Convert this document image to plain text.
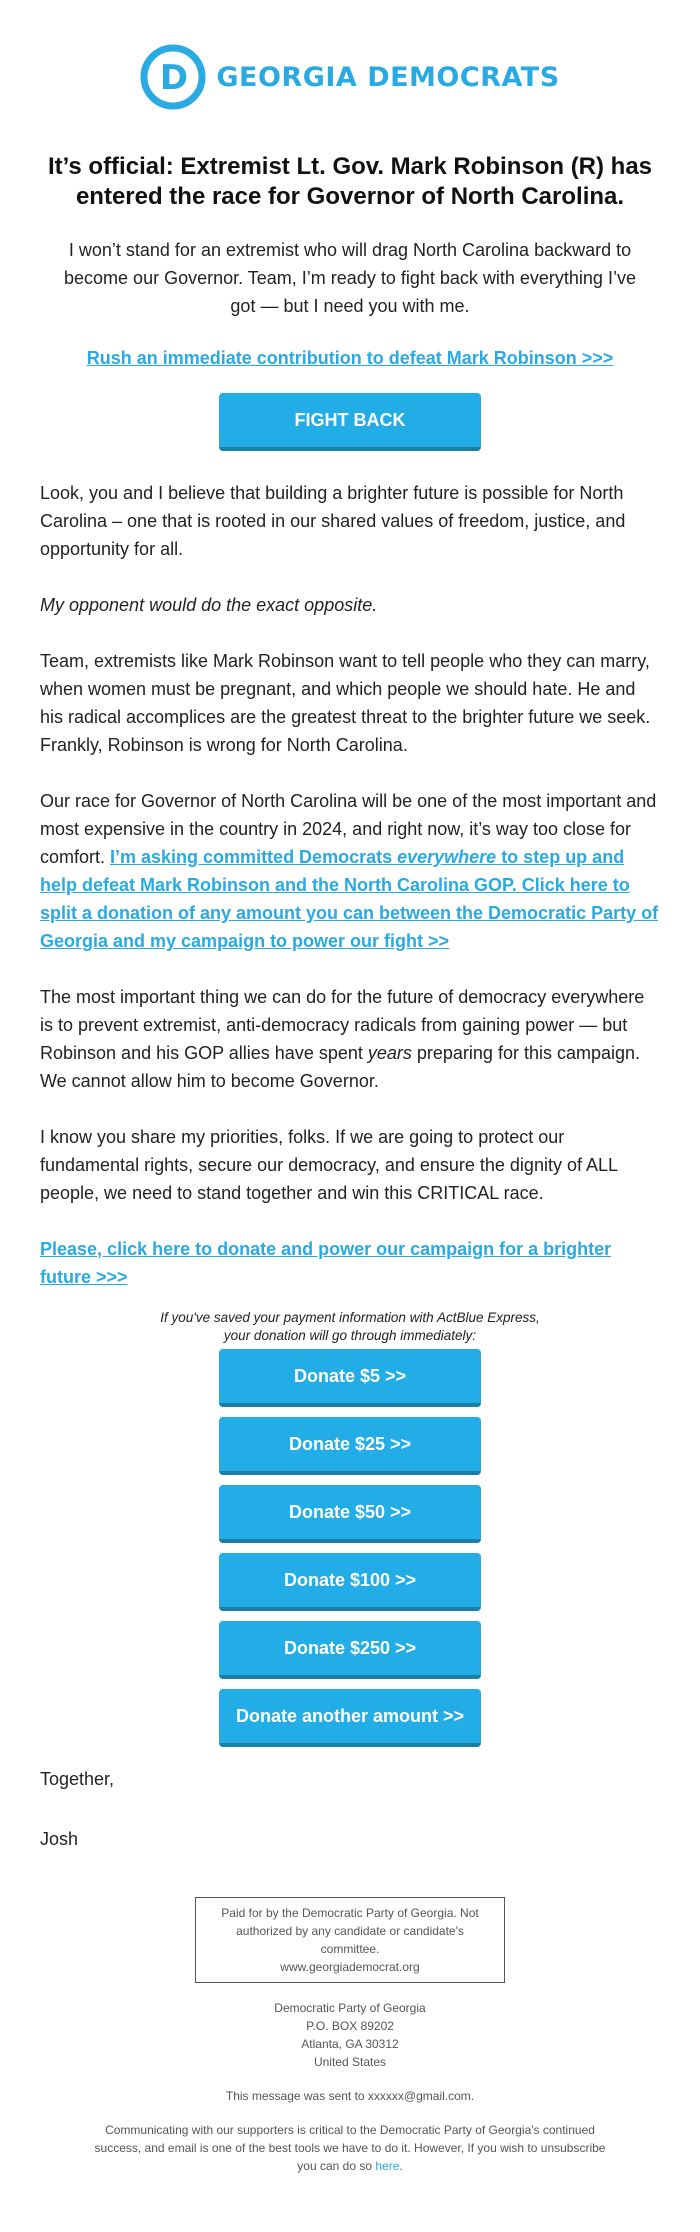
D GEORGIA DEMOCRATS
It’s official: Extremist Lt. Gov. Mark Robinson (R) has entered the race for Governor of North Carolina.

I won’t stand for an extremist who will drag North Carolina backward to become our Governor. Team, I’m ready to fight back with everything I’ve got — but I need you with me.

Rush an immediate contribution to defeat Mark Robinson >>>
FIGHT BACK

Look, you and I believe that building a brighter future is possible for North Carolina – one that is rooted in our shared values of freedom, justice, and opportunity for all.

My opponent would do the exact opposite.

Team, extremists like Mark Robinson want to tell people who they can marry, when women must be pregnant, and which people we should hate. He and his radical accomplices are the greatest threat to the brighter future we seek. Frankly, Robinson is wrong for North Carolina.

Our race for Governor of North Carolina will be one of the most important and most expensive in the country in 2024, and right now, it’s way too close for comfort. I’m asking committed Democrats everywhere to step up and help defeat Mark Robinson and the North Carolina GOP. Click here to split a donation of any amount you can between the Democratic Party of Georgia and my campaign to power our fight >>

The most important thing we can do for the future of democracy everywhere is to prevent extremist, anti-democracy radicals from gaining power — but Robinson and his GOP allies have spent years preparing for this campaign. We cannot allow him to become Governor.

I know you share my priorities, folks. If we are going to protect our fundamental rights, secure our democracy, and ensure the dignity of ALL people, we need to stand together and win this CRITICAL race.

Please, click here to donate and power our campaign for a brighter future >>>
If you've saved your payment information with ActBlue Express,
your donation will go through immediately:
Donate $5 >>
Donate $25 >>
Donate $50 >>
Donate $100 >>
Donate $250 >>
Donate another amount >>

Together,

Josh

Paid for by the Democratic Party of Georgia. Not
authorized by any candidate or candidate's committee.
www.georgiademocrat.org
Democratic Party of Georgia
P.O. BOX 89202
Atlanta, GA 30312
United States
This message was sent to xxxxxx@gmail.com.
Communicating with our supporters is critical to the Democratic Party of Georgia's continued success, and email is one of the best tools we have to do it. However, If you wish to unsubscribe you can do so here.
